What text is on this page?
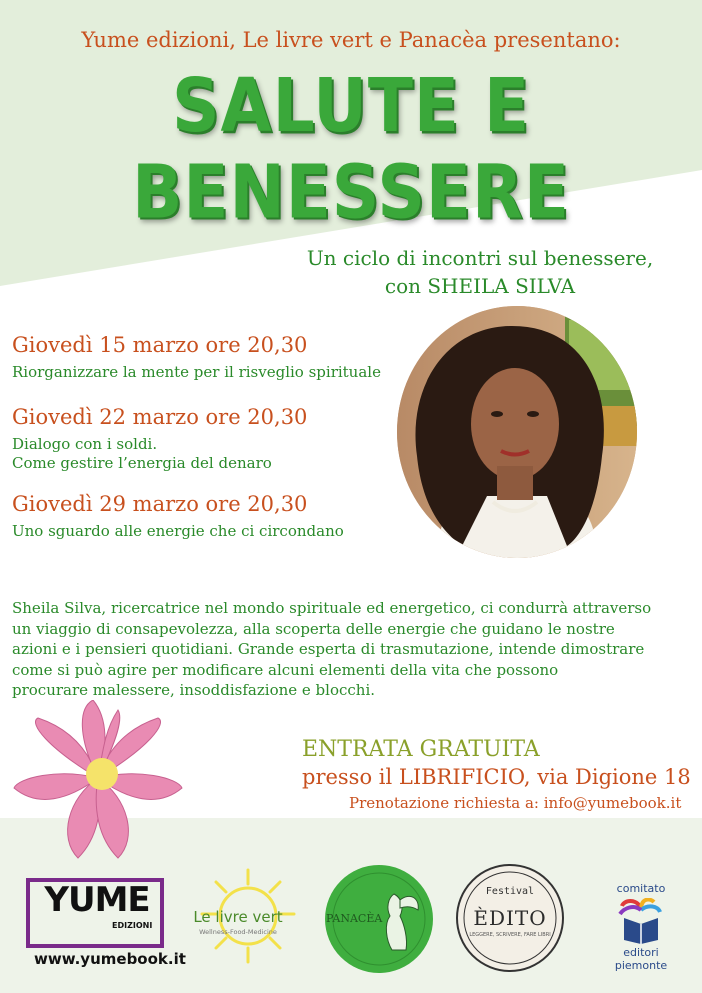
Yume edizioni, Le livre vert e Panacèa presentano:
SALUTE E BENESSERE
Un ciclo di incontri sul benessere,
con SHEILA SILVA
Giovedì 15 marzo ore 20,30
Riorganizzare la mente per il risveglio spirituale
Giovedì 22 marzo ore 20,30
Dialogo con i soldi.
Come gestire l’energia del denaro
Giovedì 29 marzo ore 20,30
Uno sguardo alle energie che ci circondano
Sheila Silva, ricercatrice nel mondo spirituale ed energetico, ci condurrà attraverso
un viaggio di consapevolezza, alla scoperta delle energie che guidano le nostre
azioni e i pensieri quotidiani. Grande esperta di trasmutazione, intende dimostrare
come si può agire per modificare alcuni elementi della vita che possono
procurare malessere, insoddisfazione e blocchi.
ENTRATA GRATUITA
presso il LIBRIFICIO, via Digione 18
Prenotazione richiesta a: info@yumebook.it
YUME
EDIZIONI
www.yumebook.it
Le livre vert
Wellness-Food-Medicine
PANACÈA
Festival
ÈDITO
LEGGERE, SCRIVERE, FARE LIBRI
comitato
editori piemonte
